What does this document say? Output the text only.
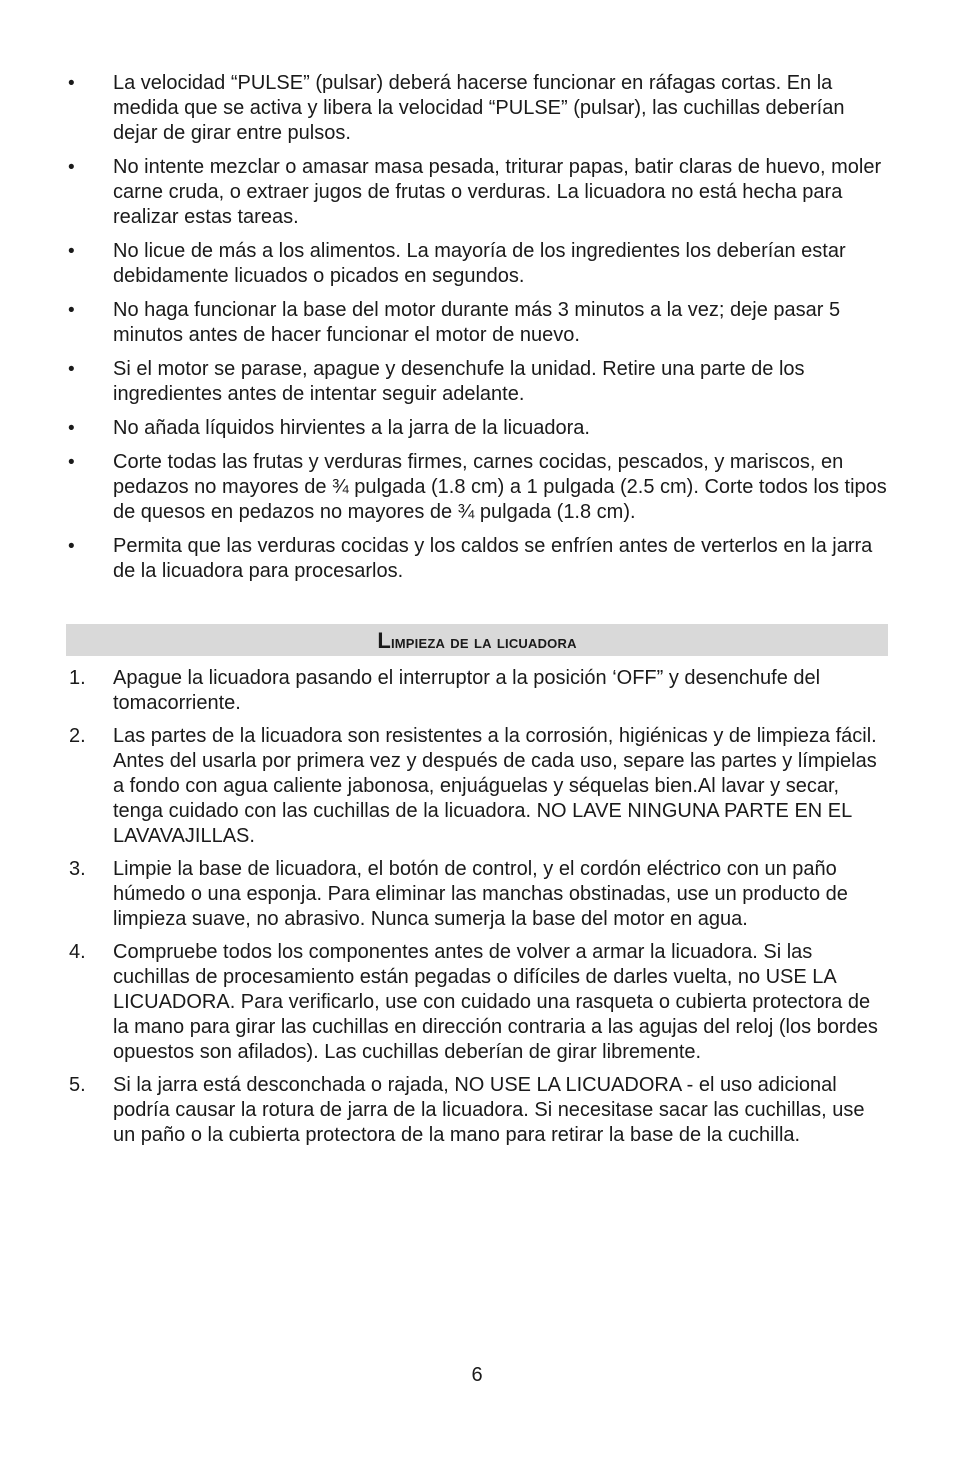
•	La velocidad “PULSE” (pulsar) deberá hacerse funcionar en ráfagas cortas. En la medida que se activa y libera la velocidad “PULSE” (pulsar), las cuchillas deberían dejar de girar entre pulsos.
•	No intente mezclar o amasar masa pesada, triturar papas, batir claras de huevo, moler carne cruda, o extraer jugos de frutas o verduras. La licuadora no está hecha para realizar estas tareas.
•	No licue de más a los alimentos. La mayoría de los ingredientes los deberían estar debidamente licuados o picados en segundos.
•	No haga funcionar la base del motor durante más 3 minutos a la vez; deje pasar 5 minutos antes de hacer funcionar el motor de nuevo.
•	Si el motor se parase, apague y desenchufe la unidad. Retire una parte de los ingredientes antes de intentar seguir adelante.
•	No añada líquidos hirvientes a la jarra de la licuadora.
•	Corte todas las frutas y verduras firmes, carnes cocidas, pescados, y mariscos, en pedazos no mayores de ¾ pulgada (1.8 cm) a 1 pulgada (2.5 cm). Corte todos los tipos de quesos en pedazos no mayores de ¾ pulgada (1.8 cm).
•	Permita que las verduras cocidas y los caldos se enfríen antes de verterlos en la jarra de la licuadora para procesarlos.
Limpieza de la licuadora
1. Apague la licuadora pasando el interruptor a la posición ‘OFF” y desenchufe del tomacorriente.
2. Las partes de la licuadora son resistentes a la corrosión, higiénicas y de limpieza fácil. Antes del usarla por primera vez y después de cada uso, separe las partes y límpielas a fondo con agua caliente jabonosa, enjuáguelas y séquelas bien.Al lavar y secar, tenga cuidado con las cuchillas de la licuadora. NO LAVE NINGUNA PARTE EN EL LAVAVAJILLAS.
3. Limpie la base de licuadora, el botón de control, y el cordón eléctrico con un paño húmedo o una esponja. Para eliminar las manchas obstinadas, use un producto de limpieza suave, no abrasivo. Nunca sumerja la base del motor en agua.
4. Compruebe todos los componentes antes de volver a armar la licuadora. Si las cuchillas de procesamiento están pegadas o difíciles de darles vuelta, no USE LA LICUADORA. Para verificarlo, use con cuidado una rasqueta o cubierta protectora de la mano para girar las cuchillas en dirección contraria a las agujas del reloj (los bordes opuestos son afilados). Las cuchillas deberían de girar libremente.
5. Si la jarra está desconchada o rajada, NO USE LA LICUADORA - el uso adicional podría causar la rotura de jarra de la licuadora. Si necesitase sacar las cuchillas, use un paño o la cubierta protectora de la mano para retirar la base de la cuchilla.
6
